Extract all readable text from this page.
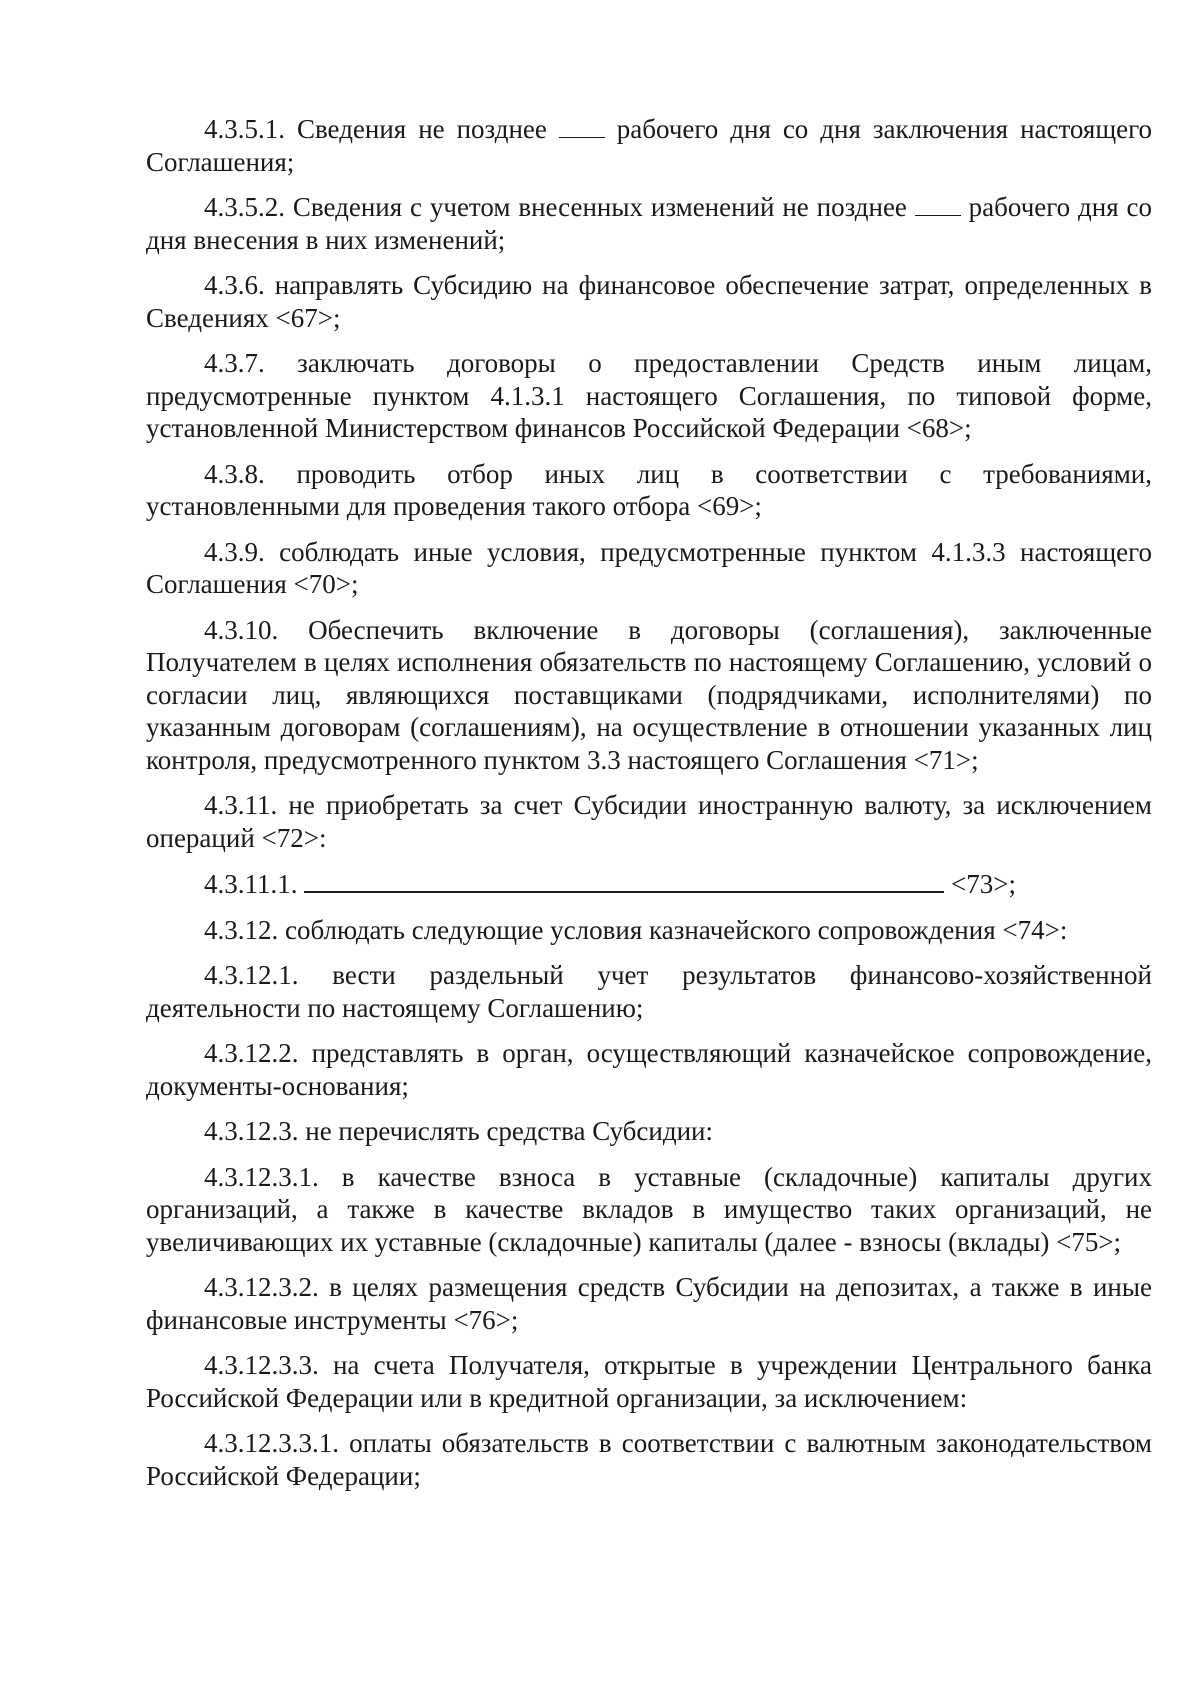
4.3.5.1. Сведения не позднее  рабочего дня со дня заключения настоящего Соглашения;

4.3.5.2. Сведения с учетом внесенных изменений не позднее  рабочего дня со дня внесения в них изменений;

4.3.6. направлять Субсидию на финансовое обеспечение затрат, определенных в Сведениях <67>;

4.3.7. заключать договоры о предоставлении Средств иным лицам, предусмотренные пунктом 4.1.3.1 настоящего Соглашения, по типовой форме, установленной Министерством финансов Российской Федерации <68>;

4.3.8. проводить отбор иных лиц в соответствии с требованиями, установленными для проведения такого отбора <69>;

4.3.9. соблюдать иные условия, предусмотренные пунктом 4.1.3.3 настоящего Соглашения <70>;

4.3.10. Обеспечить включение в договоры (соглашения), заключенные Получателем в целях исполнения обязательств по настоящему Соглашению, условий о согласии лиц, являющихся поставщиками (подрядчиками, исполнителями) по указанным договорам (соглашениям), на осуществление в отношении указанных лиц контроля, предусмотренного пунктом 3.3 настоящего Соглашения <71>;

4.3.11. не приобретать за счет Субсидии иностранную валюту, за исключением операций <72>:

4.3.11.1.	<73>;

4.3.12. соблюдать следующие условия казначейского сопровождения <74>:

4.3.12.1. вести раздельный учет результатов финансово-хозяйственной деятельности по настоящему Соглашению;

4.3.12.2. представлять в орган, осуществляющий казначейское сопровождение, документы-основания;

4.3.12.3. не перечислять средства Субсидии:

4.3.12.3.1. в качестве взноса в уставные (складочные) капиталы других организаций, а также в качестве вкладов в имущество таких организаций, не увеличивающих их уставные (складочные) капиталы (далее - взносы (вклады) <75>;

4.3.12.3.2. в целях размещения средств Субсидии на депозитах, а также в иные финансовые инструменты <76>;

4.3.12.3.3. на счета Получателя, открытые в учреждении Центрального банка Российской Федерации или в кредитной организации, за исключением:

4.3.12.3.3.1. оплаты обязательств в соответствии с валютным законодательством Российской Федерации;
